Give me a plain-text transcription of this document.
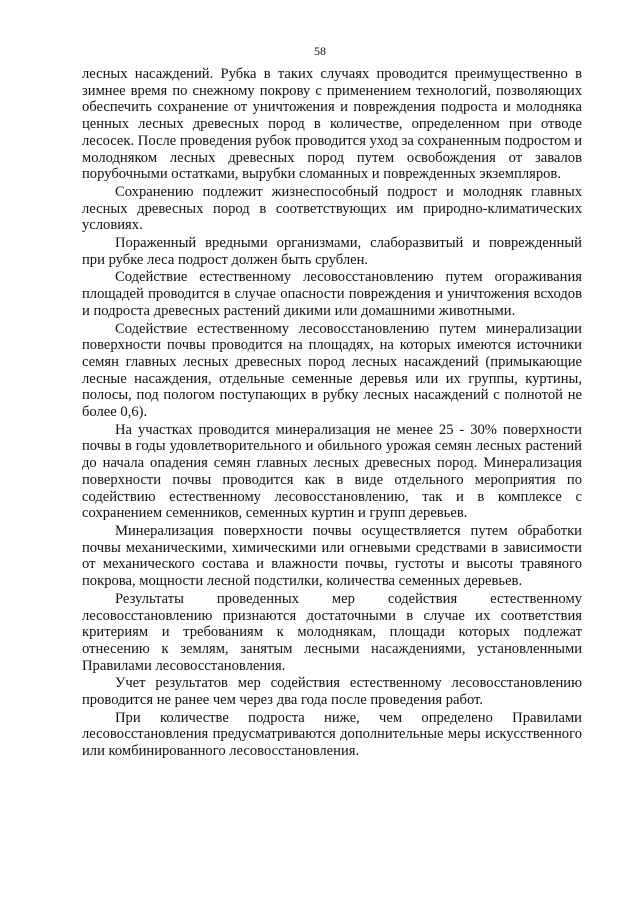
58

лесных насаждений. Рубка в таких случаях проводится преимущественно в зимнее время по снежному покрову с применением технологий, позволяющих обеспечить сохранение от уничтожения и повреждения подроста и молодняка ценных лесных древесных пород в количестве, определенном при отводе лесосек. После проведения рубок проводится уход за сохраненным подростом и молодняком лесных древесных пород путем освобождения от завалов порубочными остатками, вырубки сломанных и поврежденных экземпляров.

Сохранению подлежит жизнеспособный подрост и молодняк главных лесных древесных пород в соответствующих им природно-климатических условиях.

Пораженный вредными организмами, слаборазвитый и поврежденный при рубке леса подрост должен быть срублен.

Содействие естественному лесовосстановлению путем огораживания площадей проводится в случае опасности повреждения и уничтожения всходов и подроста древесных растений дикими или домашними животными.

Содействие естественному лесовосстановлению путем минерализации поверхности почвы проводится на площадях, на которых имеются источники семян главных лесных древесных пород лесных насаждений (примыкающие лесные насаждения, отдельные семенные деревья или их группы, куртины, полосы, под пологом поступающих в рубку лесных насаждений с полнотой не более 0,6).

На участках проводится минерализация не менее 25 - 30% поверхности почвы в годы удовлетворительного и обильного урожая семян лесных растений до начала опадения семян главных лесных древесных пород. Минерализация поверхности почвы проводится как в виде отдельного мероприятия по содействию естественному лесовосстановлению, так и в комплексе с сохранением семенников, семенных куртин и групп деревьев.

Минерализация поверхности почвы осуществляется путем обработки почвы механическими, химическими или огневыми средствами в зависимости от механического состава и влажности почвы, густоты и высоты травяного покрова, мощности лесной подстилки, количества семенных деревьев.

Результаты проведенных мер содействия естественному лесовосстановлению признаются достаточными в случае их соответствия критериям и требованиям к молоднякам, площади которых подлежат отнесению к землям, занятым лесными насаждениями, установленными Правилами лесовосстановления.

Учет результатов мер содействия естественному лесовосстановлению проводится не ранее чем через два года после проведения работ.

При количестве подроста ниже, чем определено Правилами лесовосстановления предусматриваются дополнительные меры искусственного или комбинированного лесовосстановления.
